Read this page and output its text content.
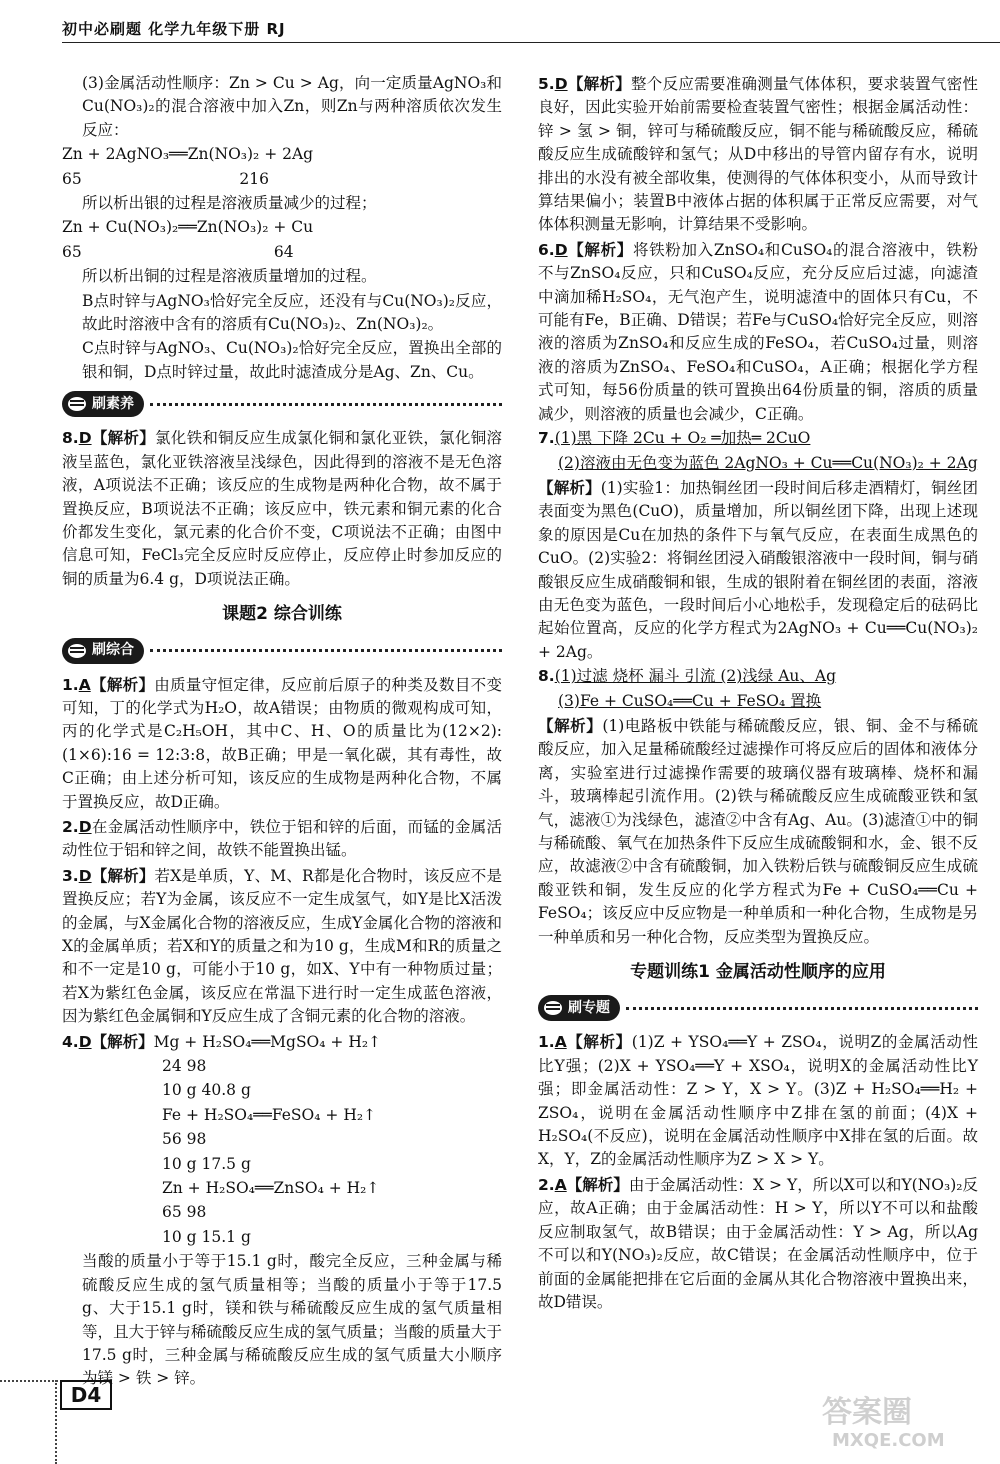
初中必刷题 化学九年级下册 RJ

(3)金属活动性顺序：Zn > Cu > Ag，向一定质量AgNO₃和Cu(NO₃)₂的混合溶液中加入Zn，则Zn与两种溶质依次发生反应：

Zn + 2AgNO₃══Zn(NO₃)₂ + 2Ag

65                                216

所以析出银的过程是溶液质量减少的过程；

Zn + Cu(NO₃)₂══Zn(NO₃)₂ + Cu

65                                       64

所以析出铜的过程是溶液质量增加的过程。

B点时锌与AgNO₃恰好完全反应，还没有与Cu(NO₃)₂反应，故此时溶液中含有的溶质有Cu(NO₃)₂、Zn(NO₃)₂。

C点时锌与AgNO₃、Cu(NO₃)₂恰好完全反应，置换出全部的银和铜，D点时锌过量，故此时滤渣成分是Ag、Zn、Cu。

刷素养

8.D【解析】氯化铁和铜反应生成氯化铜和氯化亚铁，氯化铜溶液呈蓝色，氯化亚铁溶液呈浅绿色，因此得到的溶液不是无色溶液，A项说法不正确；该反应的生成物是两种化合物，故不属于置换反应，B项说法不正确；该反应中，铁元素和铜元素的化合价都发生变化，氯元素的化合价不变，C项说法不正确；由图中信息可知，FeCl₃完全反应时反应停止，反应停止时参加反应的铜的质量为6.4 g，D项说法正确。

课题2 综合训练
刷综合

1.A【解析】由质量守恒定律，反应前后原子的种类及数目不变可知，丁的化学式为H₂O，故A错误；由物质的微观构成可知，丙的化学式是C₂H₅OH，其中C、H、O的质量比为(12×2):(1×6):16 = 12:3:8，故B正确；甲是一氧化碳，其有毒性，故C正确；由上述分析可知，该反应的生成物是两种化合物，不属于置换反应，故D正确。

2.D在金属活动性顺序中，铁位于铝和锌的后面，而锰的金属活动性位于铝和锌之间，故铁不能置换出锰。

3.D【解析】若X是单质，Y、M、R都是化合物时，该反应不是置换反应；若Y为金属，该反应不一定生成氢气，如Y是比X活泼的金属，与X金属化合物的溶液反应，生成Y金属化合物的溶液和X的金属单质；若X和Y的质量之和为10 g，生成M和R的质量之和不一定是10 g，可能小于10 g，如X、Y中有一种物质过量；若X为紫红色金属，该反应在常温下进行时一定生成蓝色溶液，因为紫红色金属铜和Y反应生成了含铜元素的化合物的溶液。

4.D【解析】Mg + H₂SO₄══MgSO₄ + H₂↑

24 98

10 g 40.8 g

Fe + H₂SO₄══FeSO₄ + H₂↑

56 98

10 g 17.5 g

Zn + H₂SO₄══ZnSO₄ + H₂↑

65 98

10 g 15.1 g

当酸的质量小于等于15.1 g时，酸完全反应，三种金属与稀硫酸反应生成的氢气质量相等；当酸的质量小于等于17.5 g、大于15.1 g时，镁和铁与稀硫酸反应生成的氢气质量相等，且大于锌与稀硫酸反应生成的氢气质量；当酸的质量大于17.5 g时，三种金属与稀硫酸反应生成的氢气质量大小顺序为镁 > 铁 > 锌。

5.D【解析】整个反应需要准确测量气体体积，要求装置气密性良好，因此实验开始前需要检查装置气密性；根据金属活动性：锌 > 氢 > 铜，锌可与稀硫酸反应，铜不能与稀硫酸反应，稀硫酸反应生成硫酸锌和氢气；从D中移出的导管内留存有水，说明排出的水没有被全部收集，使测得的气体体积变小，从而导致计算结果偏小；装置B中液体占据的体积属于正常反应需要，对气体体积测量无影响，计算结果不受影响。

6.D【解析】将铁粉加入ZnSO₄和CuSO₄的混合溶液中，铁粉不与ZnSO₄反应，只和CuSO₄反应，充分反应后过滤，向滤渣中滴加稀H₂SO₄，无气泡产生，说明滤渣中的固体只有Cu，不可能有Fe，B正确、D错误；若Fe与CuSO₄恰好完全反应，则溶液的溶质为ZnSO₄和反应生成的FeSO₄，若CuSO₄过量，则溶液的溶质为ZnSO₄、FeSO₄和CuSO₄，A正确；根据化学方程式可知，每56份质量的铁可置换出64份质量的铜，溶质的质量减少，则溶液的质量也会减少，C正确。

7.(1)黑 下降 2Cu + O₂ ═加热═ 2CuO

(2)溶液由无色变为蓝色 2AgNO₃ + Cu══Cu(NO₃)₂ + 2Ag

【解析】(1)实验1：加热铜丝团一段时间后移走酒精灯，铜丝团表面变为黑色(CuO)，质量增加，所以铜丝团下降，出现上述现象的原因是Cu在加热的条件下与氧气反应，在表面生成黑色的CuO。(2)实验2：将铜丝团浸入硝酸银溶液中一段时间，铜与硝酸银反应生成硝酸铜和银，生成的银附着在铜丝团的表面，溶液由无色变为蓝色，一段时间后小心地松手，发现稳定后的砝码比起始位置高，反应的化学方程式为2AgNO₃ + Cu══Cu(NO₃)₂ + 2Ag。

8.(1)过滤 烧杯 漏斗 引流 (2)浅绿 Au、Ag

(3)Fe + CuSO₄══Cu + FeSO₄ 置换

【解析】(1)电路板中铁能与稀硫酸反应，银、铜、金不与稀硫酸反应，加入足量稀硫酸经过滤操作可将反应后的固体和液体分离，实验室进行过滤操作需要的玻璃仪器有玻璃棒、烧杯和漏斗，玻璃棒起引流作用。(2)铁与稀硫酸反应生成硫酸亚铁和氢气，滤液①为浅绿色，滤渣②中含有Ag、Au。(3)滤渣①中的铜与稀硫酸、氧气在加热条件下反应生成硫酸铜和水，金、银不反应，故滤液②中含有硫酸铜，加入铁粉后铁与硫酸铜反应生成硫酸亚铁和铜，发生反应的化学方程式为Fe + CuSO₄══Cu + FeSO₄；该反应中反应物是一种单质和一种化合物，生成物是另一种单质和另一种化合物，反应类型为置换反应。

专题训练1 金属活动性顺序的应用
刷专题

1.A【解析】(1)Z + YSO₄══Y + ZSO₄，说明Z的金属活动性比Y强；(2)X + YSO₄══Y + XSO₄，说明X的金属活动性比Y强；即金属活动性：Z > Y，X > Y。(3)Z + H₂SO₄══H₂ + ZSO₄，说明在金属活动性顺序中Z排在氢的前面；(4)X + H₂SO₄(不反应)，说明在金属活动性顺序中X排在氢的后面。故X，Y，Z的金属活动性顺序为Z > X > Y。

2.A【解析】由于金属活动性：X > Y，所以X可以和Y(NO₃)₂反应，故A正确；由于金属活动性：H > Y，所以Y不可以和盐酸反应制取氢气，故B错误；由于金属活动性：Y > Ag，所以Ag不可以和Y(NO₃)₂反应，故C错误；在金属活动性顺序中，位于前面的金属能把排在它后面的金属从其化合物溶液中置换出来，故D错误。

D4	答案圈
MXQE.COM
